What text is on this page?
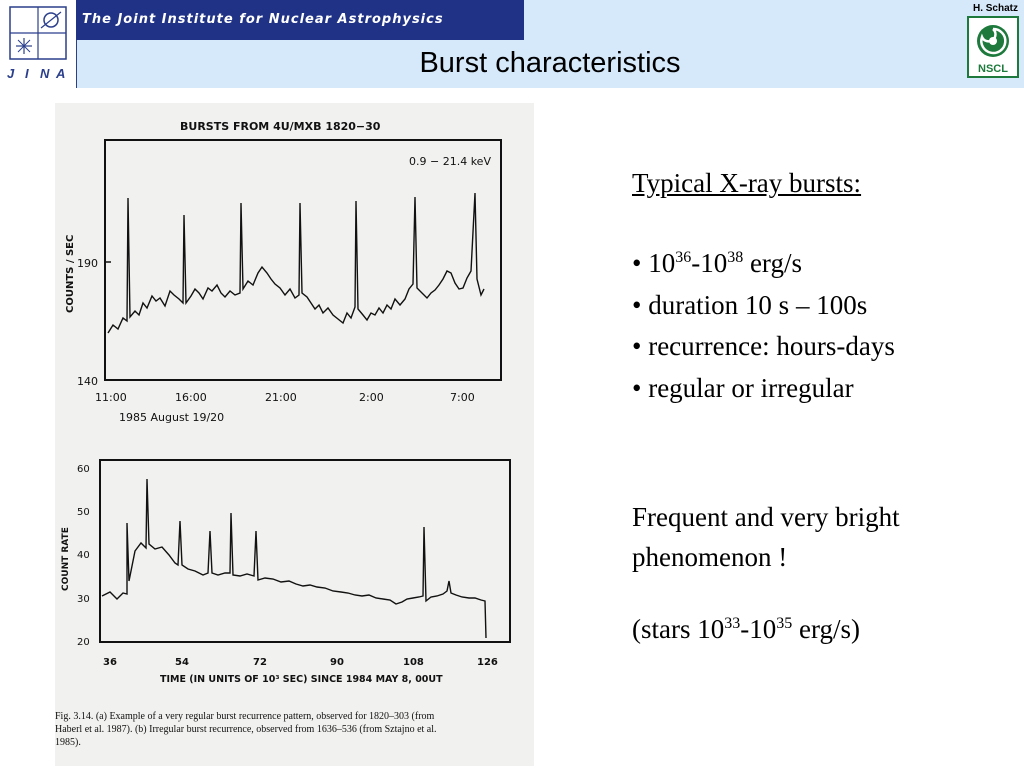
J I N A
The Joint Institute for Nuclear Astrophysics
H. Schatz
NSCL
Burst characteristics
BURSTS FROM 4U/MXB 1820−30
0.9 − 21.4 keV
COUNTS / SEC 190
140
11:00	16:00	21:00	2:00	7:00
1985 August 19/20
COUNT RATE
60
50
40
30
20
36	54	72	90	108	126
TIME (IN UNITS OF 10³ SEC) SINCE 1984 MAY 8, 00UT
Fig. 3.14. (a) Example of a very regular burst recurrence pattern, observed for 1820–303 (from
Haberl et al. 1987). (b) Irregular burst recurrence, observed from 1636–536 (from Sztajno et al.
1985).
Typical X-ray bursts:
• $10^{36}-10^{38}$ erg/s
• duration 10 s – 100s
• recurrence: hours-days
• regular or irregular
Frequent and very bright
phenomenon !
(stars $10^{33}-10^{35}$ erg/s)
